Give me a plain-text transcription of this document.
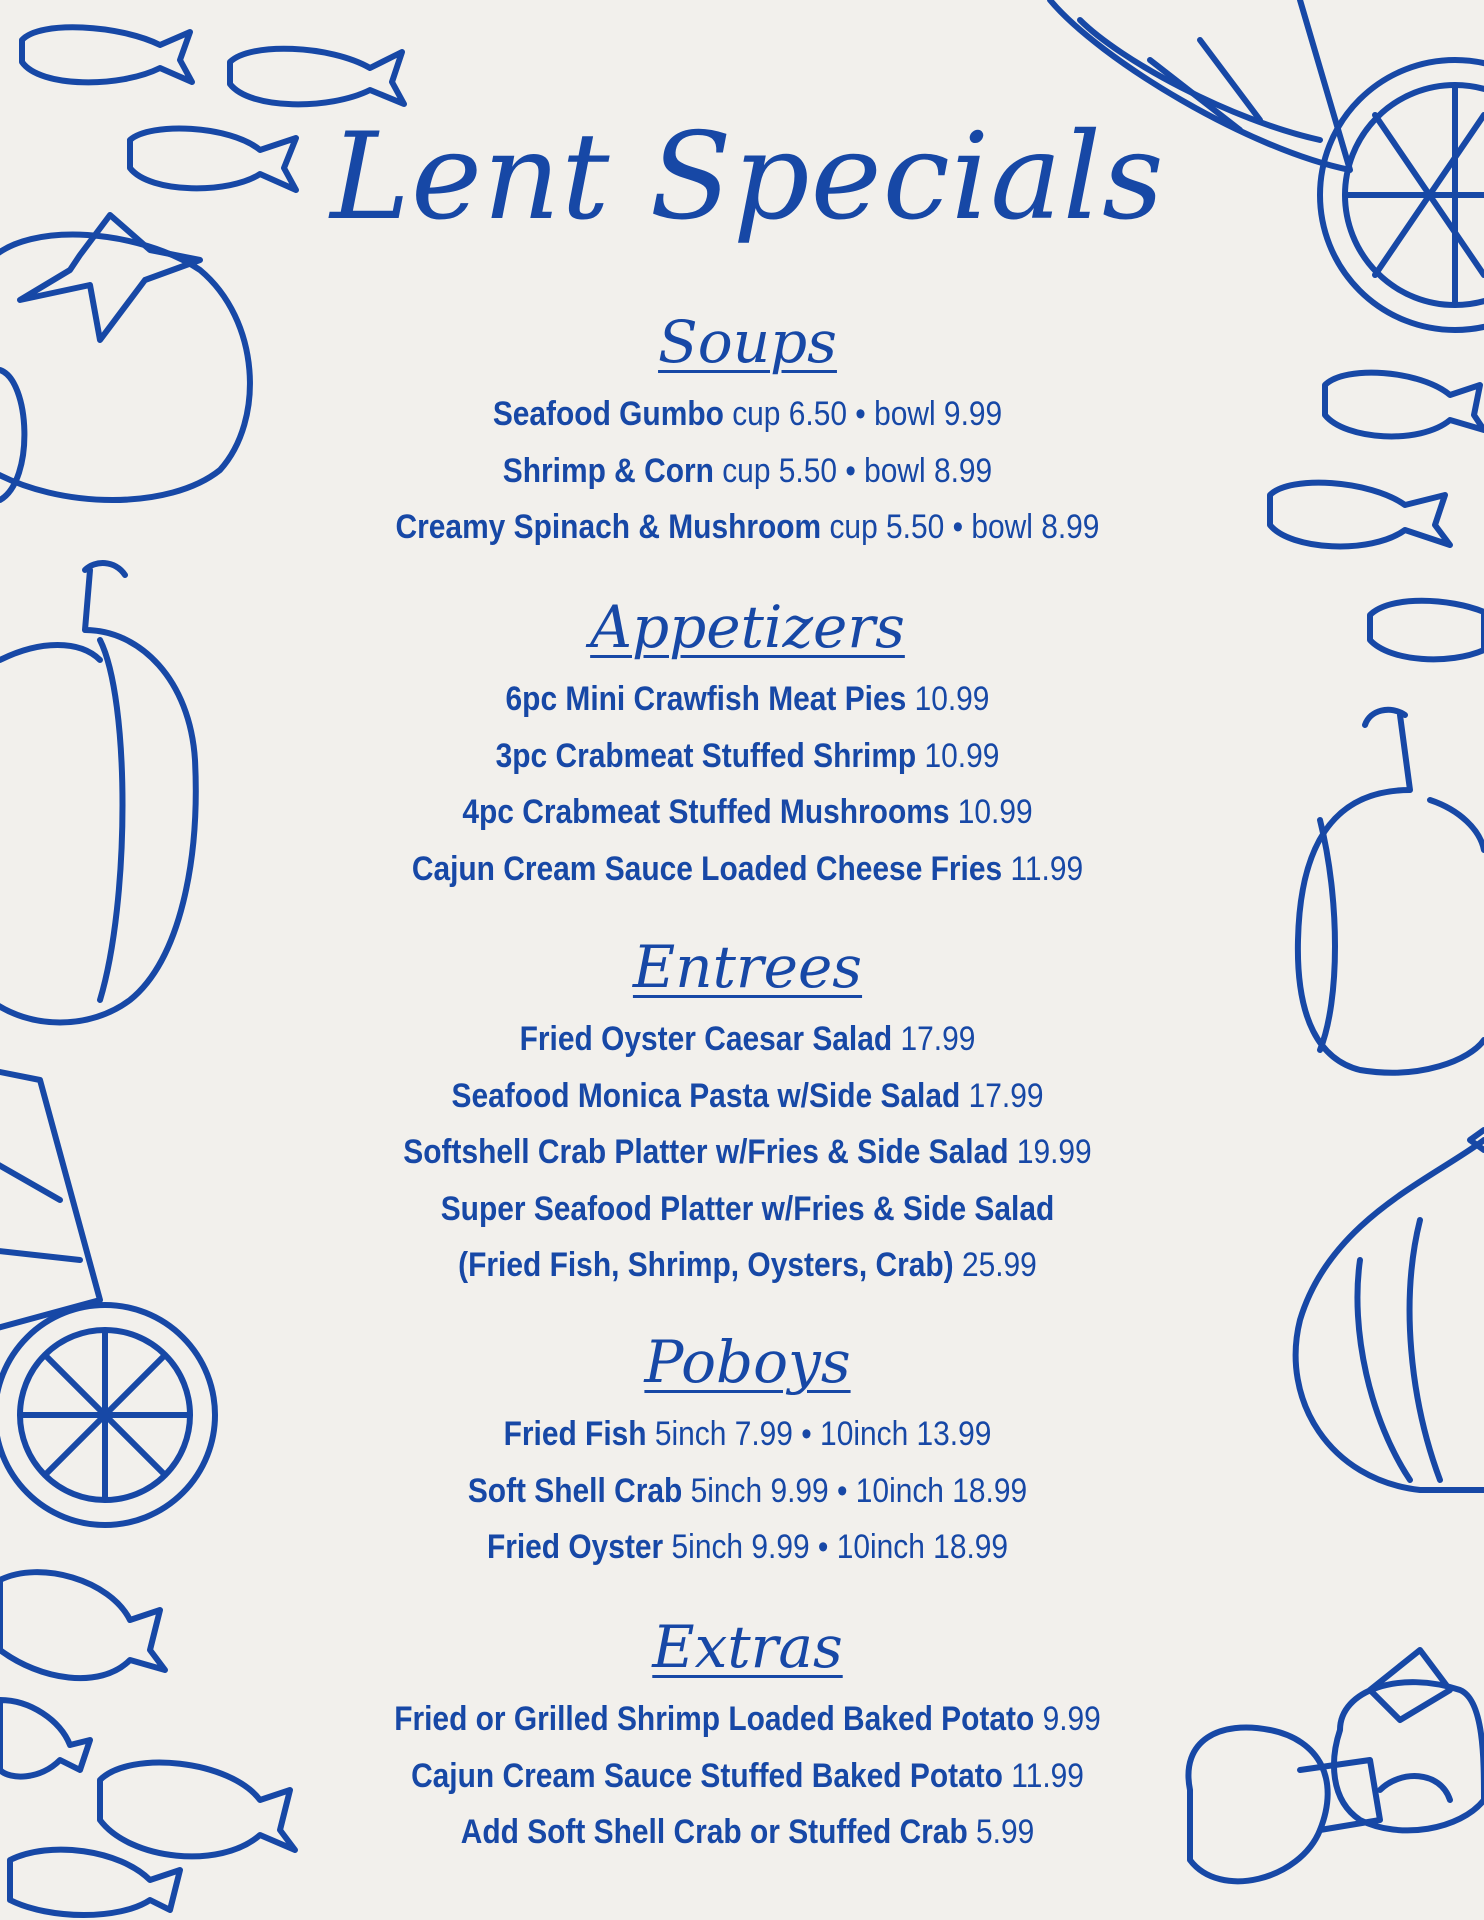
Lent Specials
Soups
Seafood Gumbo cup 6.50 • bowl 9.99
Shrimp & Corn cup 5.50 • bowl 8.99
Creamy Spinach & Mushroom cup 5.50 • bowl 8.99
Appetizers
6pc Mini Crawfish Meat Pies 10.99
3pc Crabmeat Stuffed Shrimp 10.99
4pc Crabmeat Stuffed Mushrooms 10.99
Cajun Cream Sauce Loaded Cheese Fries 11.99
Entrees
Fried Oyster Caesar Salad 17.99
Seafood Monica Pasta w/Side Salad 17.99
Softshell Crab Platter w/Fries & Side Salad 19.99
Super Seafood Platter w/Fries & Side Salad
(Fried Fish, Shrimp, Oysters, Crab) 25.99
Poboys
Fried Fish 5inch 7.99 • 10inch 13.99
Soft Shell Crab 5inch 9.99 • 10inch 18.99
Fried Oyster 5inch 9.99 • 10inch 18.99
Extras
Fried or Grilled Shrimp Loaded Baked Potato 9.99
Cajun Cream Sauce Stuffed Baked Potato 11.99
Add Soft Shell Crab or Stuffed Crab 5.99
